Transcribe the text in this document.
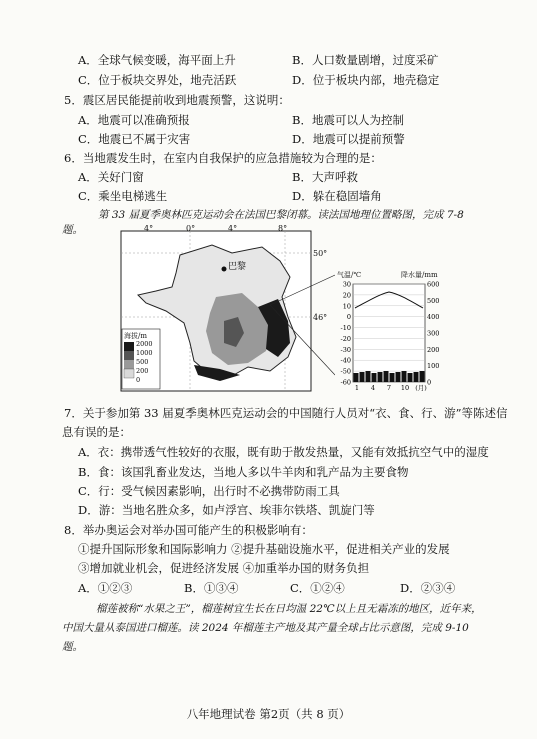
A．全球气候变暖，海平面上升	B．人口数量剧增，过度采矿
C．位于板块交界处，地壳活跃	D．位于板块内部，地壳稳定
5．震区居民能提前收到地震预警，这说明：
A．地震可以准确预报	B．地震可以人为控制
C．地震已不属于灾害	D．地震可以提前预警
6．当地震发生时，在室内自我保护的应急措施较为合理的是：
A．关好门窗	B．大声呼救
C．乘坐电梯逃生	D．躲在稳固墙角
第 33 届夏季奥林匹克运动会在法国巴黎闭幕。读法国地理位置略图，完成 7-8
题。
巴黎
4°	0°	4°	8°
50°
46°
海拔/m
2000
1000
500
200
0
气温/℃	降水量/mm
30
20
10
0
-10
-20
-30
-40
-50
-60
600
500
400
300
200
100
0
1 4 7 10 (月)
7．关于参加第 33 届夏季奥林匹克运动会的中国随行人员对“衣、食、行、游”等陈述信
息有误的是：
A．衣：携带透气性较好的衣服，既有助于散发热量，又能有效抵抗空气中的湿度
B．食：该国乳畜业发达，当地人多以牛羊肉和乳产品为主要食物
C．行：受气候因素影响，出行时不必携带防雨工具
D．游：当地名胜众多，如卢浮宫、埃菲尔铁塔、凯旋门等
8．举办奥运会对举办国可能产生的积极影响有：
①提升国际形象和国际影响力 ②提升基础设施水平，促进相关产业的发展
③增加就业机会，促进经济发展 ④加重举办国的财务负担
A．①②③	B．①③④	C．①②④	D．②③④
榴莲被称“水果之王”，榴莲树宜生长在日均温 22℃以上且无霜冻的地区，近年来，
中国大量从泰国进口榴莲。读 2024 年榴莲主产地及其产量全球占比示意图，完成 9-10
题。
八年地理试卷 第2页（共 8 页）
